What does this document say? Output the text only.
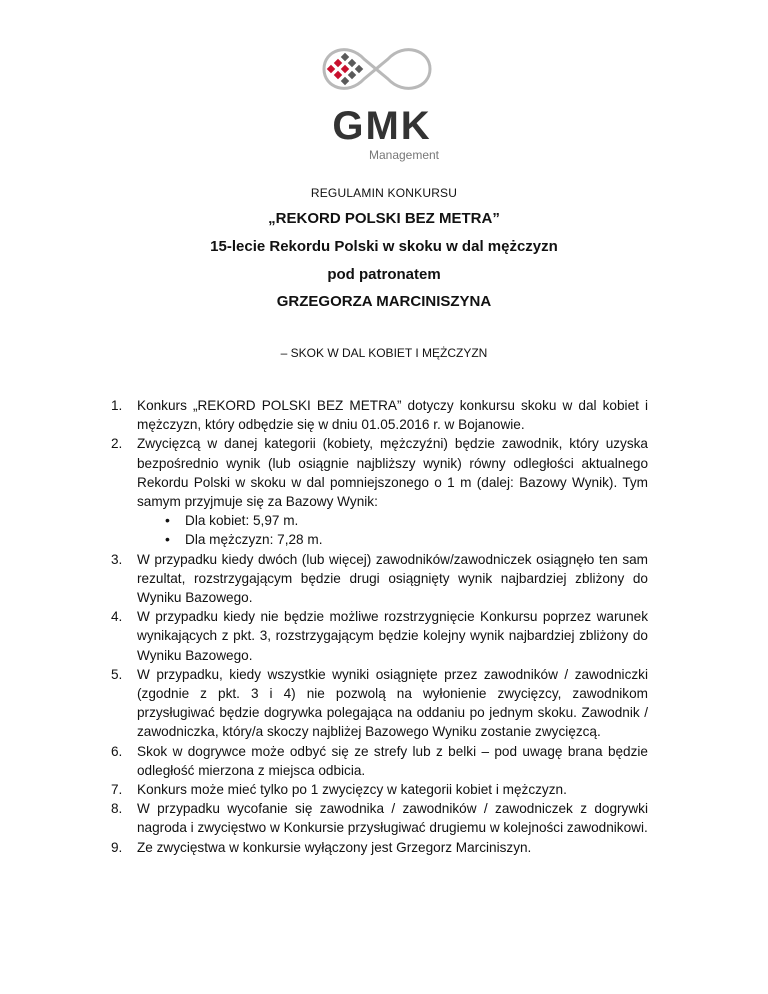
GMK
Management
REGULAMIN KONKURSU
„REKORD POLSKI BEZ METRA”
15-lecie Rekordu Polski w skoku w dal mężczyzn
pod patronatem
GRZEGORZA MARCINISZYNA
– SKOK W DAL KOBIET I MĘŻCZYZN
1. Konkurs „REKORD POLSKI BEZ METRA” dotyczy konkursu skoku w dal kobiet i mężczyzn, który odbędzie się w dniu 01.05.2016 r. w Bojanowie.
2. Zwycięzcą w danej kategorii (kobiety, mężczyźni) będzie zawodnik, który uzyska bezpośrednio wynik (lub osiągnie najbliższy wynik) równy odległości aktualnego Rekordu Polski w skoku w dal pomniejszonego o 1 m (dalej: Bazowy Wynik). Tym samym przyjmuje się za Bazowy Wynik:
• Dla kobiet: 5,97 m.
• Dla mężczyzn: 7,28 m.
3. W przypadku kiedy dwóch (lub więcej) zawodników/zawodniczek osiągnęło ten sam rezultat, rozstrzygającym będzie drugi osiągnięty wynik najbardziej zbliżony do Wyniku Bazowego.
4. W przypadku kiedy nie będzie możliwe rozstrzygnięcie Konkursu poprzez warunek wynikających z pkt. 3, rozstrzygającym będzie kolejny wynik najbardziej zbliżony do Wyniku Bazowego.
5. W przypadku, kiedy wszystkie wyniki osiągnięte przez zawodników / zawodniczki (zgodnie z pkt. 3 i 4) nie pozwolą na wyłonienie zwycięzcy, zawodnikom przysługiwać będzie dogrywka polegająca na oddaniu po jednym skoku. Zawodnik / zawodniczka, który/a skoczy najbliżej Bazowego Wyniku zostanie zwycięzcą.
6. Skok w dogrywce może odbyć się ze strefy lub z belki – pod uwagę brana będzie odległość mierzona z miejsca odbicia.
7. Konkurs może mieć tylko po 1 zwycięzcy w kategorii kobiet i mężczyzn.
8. W przypadku wycofanie się zawodnika / zawodników / zawodniczek z dogrywki nagroda i zwycięstwo w Konkursie przysługiwać drugiemu w kolejności zawodnikowi.
9. Ze zwycięstwa w konkursie wyłączony jest Grzegorz Marciniszyn.
